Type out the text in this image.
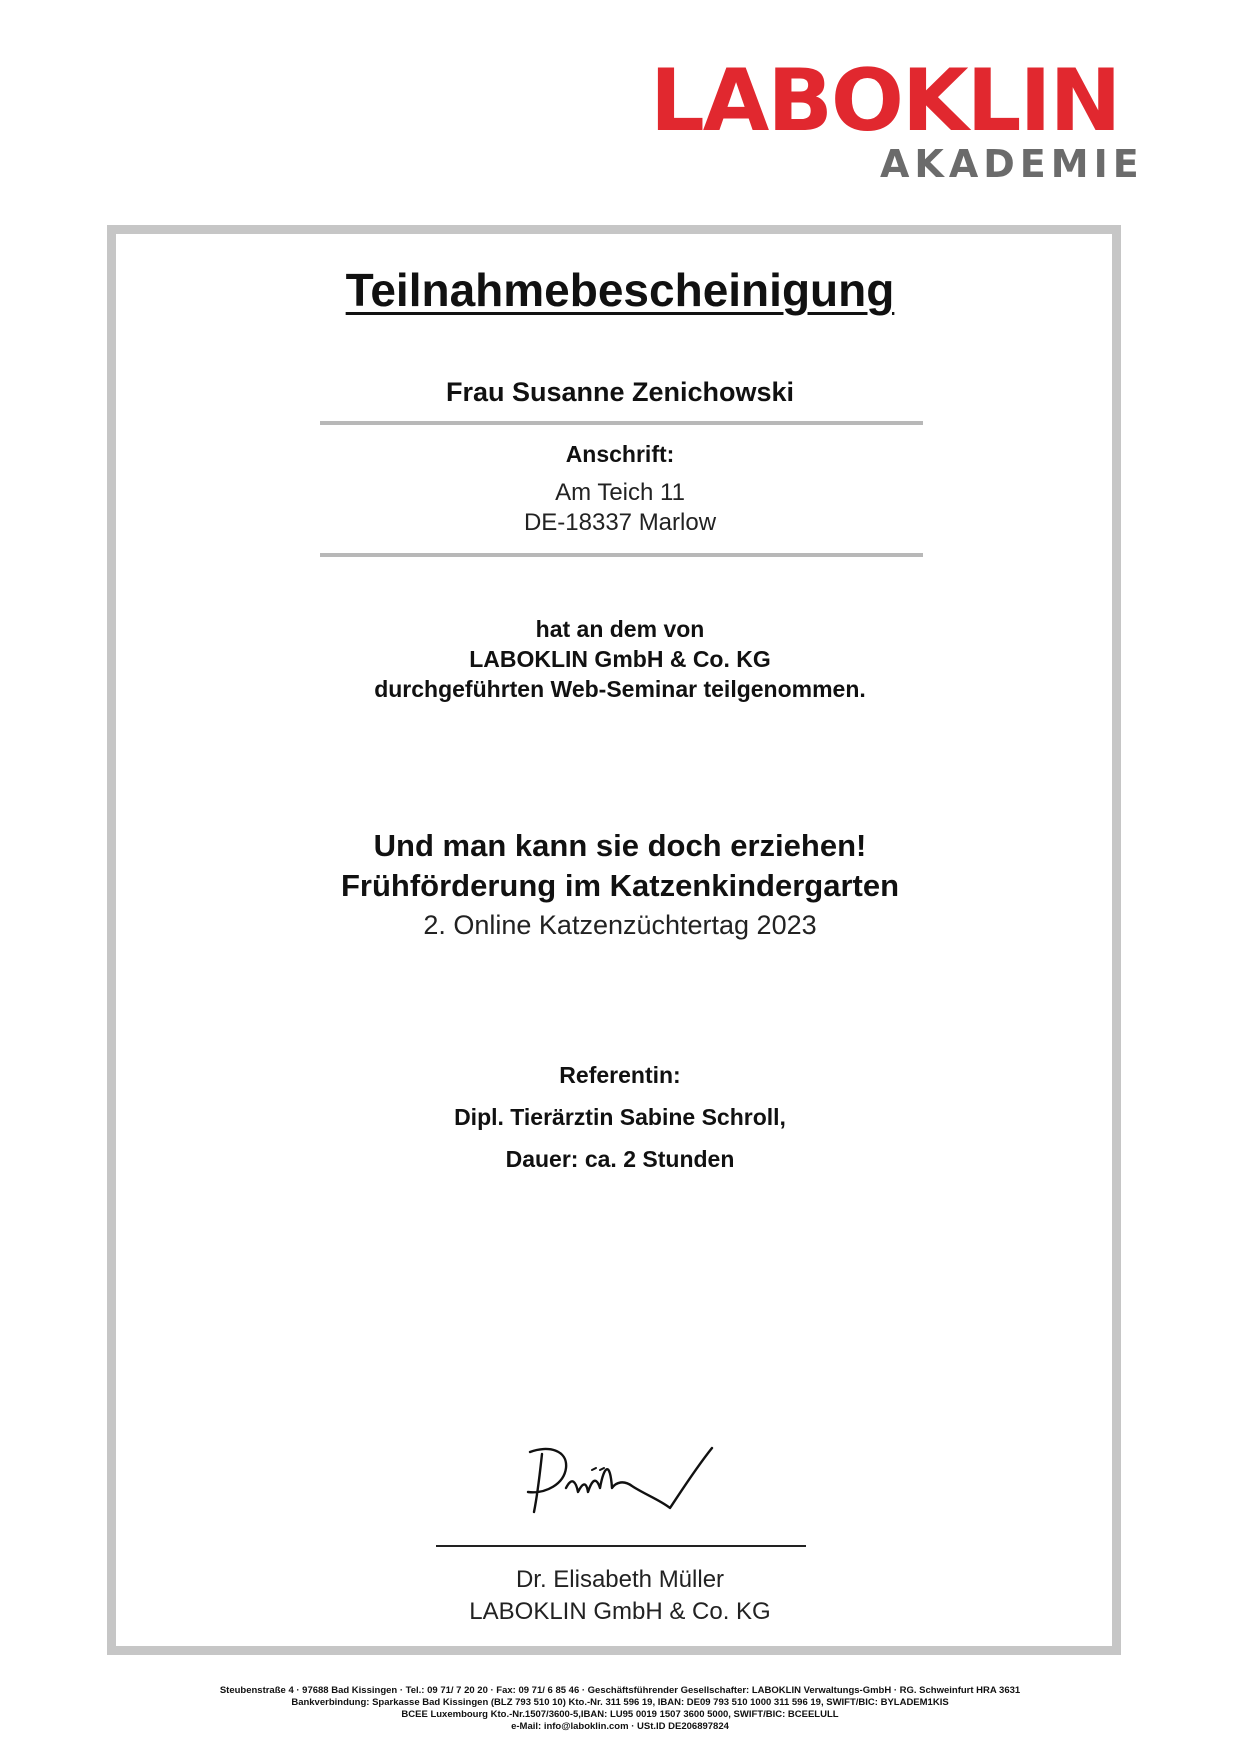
LABOKLIN
AKADEMIE
Teilnahmebescheinigung
Frau Susanne Zenichowski
Anschrift:
Am Teich 11
DE-18337 Marlow
hat an dem von
LABOKLIN GmbH & Co. KG
durchgeführten Web-Seminar teilgenommen.
Und man kann sie doch erziehen!
Frühförderung im Katzenkindergarten
2. Online Katzenzüchtertag 2023
Referentin:
Dipl. Tierärztin Sabine Schroll,
Dauer: ca. 2 Stunden
Dr. Elisabeth Müller
LABOKLIN GmbH & Co. KG
Steubenstraße 4 · 97688 Bad Kissingen · Tel.: 09 71/ 7 20 20 · Fax: 09 71/ 6 85 46 · Geschäftsführender Gesellschafter: LABOKLIN Verwaltungs-GmbH · RG. Schweinfurt HRA 3631
Bankverbindung: Sparkasse Bad Kissingen (BLZ 793 510 10) Kto.-Nr. 311 596 19, IBAN: DE09 793 510 1000 311 596 19, SWIFT/BIC: BYLADEM1KIS
BCEE Luxembourg Kto.-Nr.1507/3600-5,IBAN: LU95 0019 1507 3600 5000, SWIFT/BIC: BCEELULL
e-Mail: info@laboklin.com · USt.ID DE206897824
